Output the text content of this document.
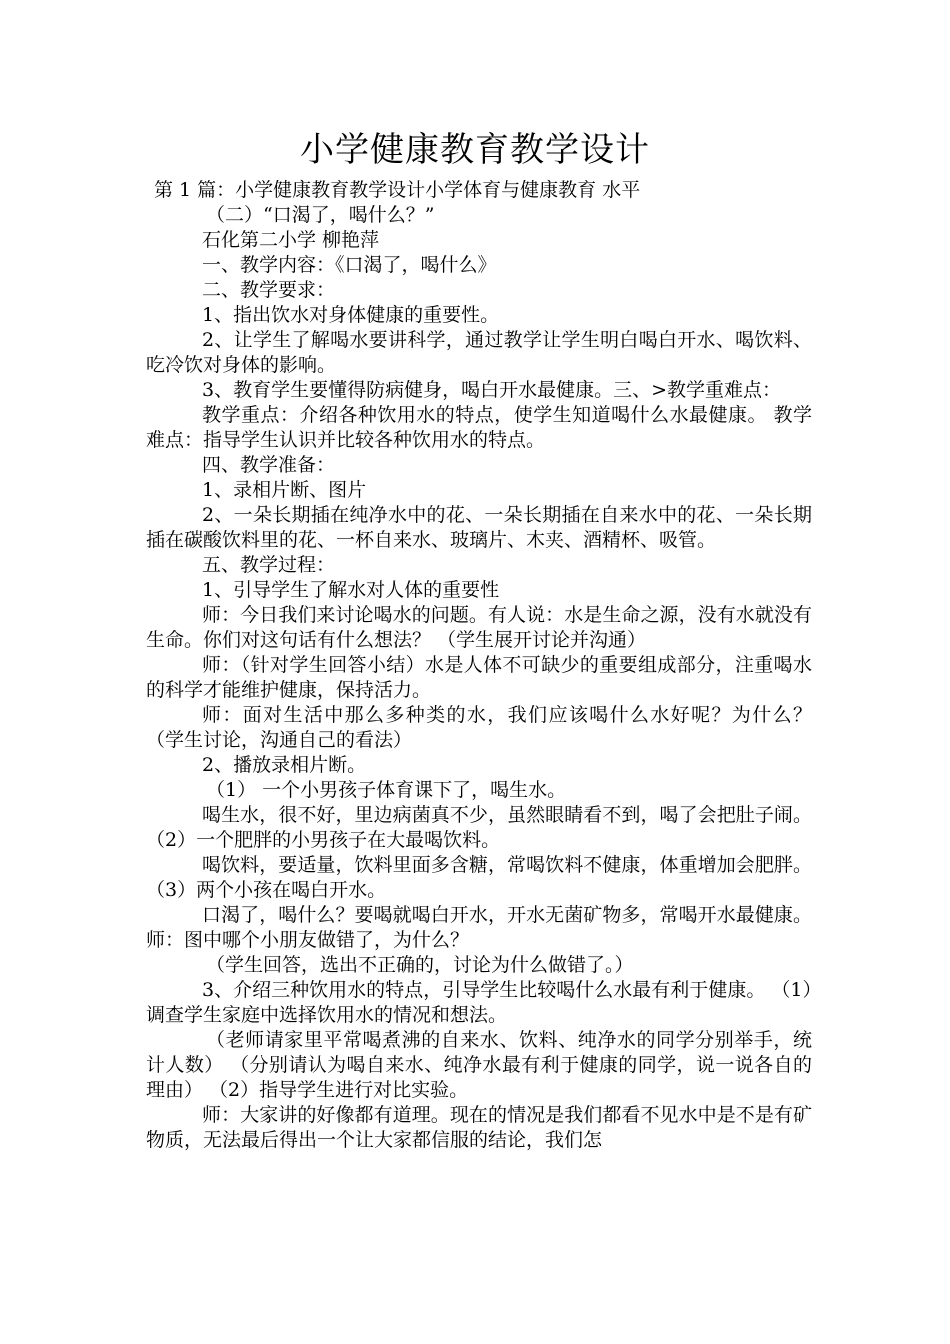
小学健康教育教学设计

第 1 篇：小学健康教育教学设计小学体育与健康教育 水平

（二）“口渴了，喝什么？”

石化第二小学 柳艳萍

一、教学内容：《口渴了，喝什么》

二、教学要求：

1、指出饮水对身体健康的重要性。

2、让学生了解喝水要讲科学，通过教学让学生明白喝白开水、喝饮料、吃冷饮对身体的影响。

3、教育学生要懂得防病健身，喝白开水最健康。三、>教学重难点：

教学重点：介绍各种饮用水的特点，使学生知道喝什么水最健康。 教学难点：指导学生认识并比较各种饮用水的特点。

四、教学准备：

1、录相片断、图片

2、一朵长期插在纯净水中的花、一朵长期插在自来水中的花、一朵长期插在碳酸饮料里的花、一杯自来水、玻璃片、木夹、酒精杯、吸管。

五、教学过程：

1、引导学生了解水对人体的重要性

师：今日我们来讨论喝水的问题。有人说：水是生命之源，没有水就没有生命。你们对这句话有什么想法？ （学生展开讨论并沟通）

师：（针对学生回答小结）水是人体不可缺少的重要组成部分，注重喝水的科学才能维护健康，保持活力。

师：面对生活中那么多种类的水，我们应该喝什么水好呢？为什么？ （学生讨论，沟通自己的看法）

2、播放录相片断。

（1） 一个小男孩子体育课下了，喝生水。

喝生水，很不好，里边病菌真不少，虽然眼睛看不到，喝了会把肚子闹。 （2）一个肥胖的小男孩子在大最喝饮料。

喝饮料，要适量，饮料里面多含糖，常喝饮料不健康，体重增加会肥胖。 （3）两个小孩在喝白开水。

口渴了，喝什么？要喝就喝白开水，开水无菌矿物多，常喝开水最健康。 师：图中哪个小朋友做错了，为什么？

（学生回答，选出不正确的，讨论为什么做错了。）

3、介绍三种饮用水的特点，引导学生比较喝什么水最有利于健康。 （1）调查学生家庭中选择饮用水的情况和想法。

（老师请家里平常喝煮沸的自来水、饮料、纯净水的同学分别举手，统计人数） （分别请认为喝自来水、纯净水最有利于健康的同学，说一说各自的理由） （2）指导学生进行对比实验。

师：大家讲的好像都有道理。现在的情况是我们都看不见水中是不是有矿物质，无法最后得出一个让大家都信服的结论，我们怎
